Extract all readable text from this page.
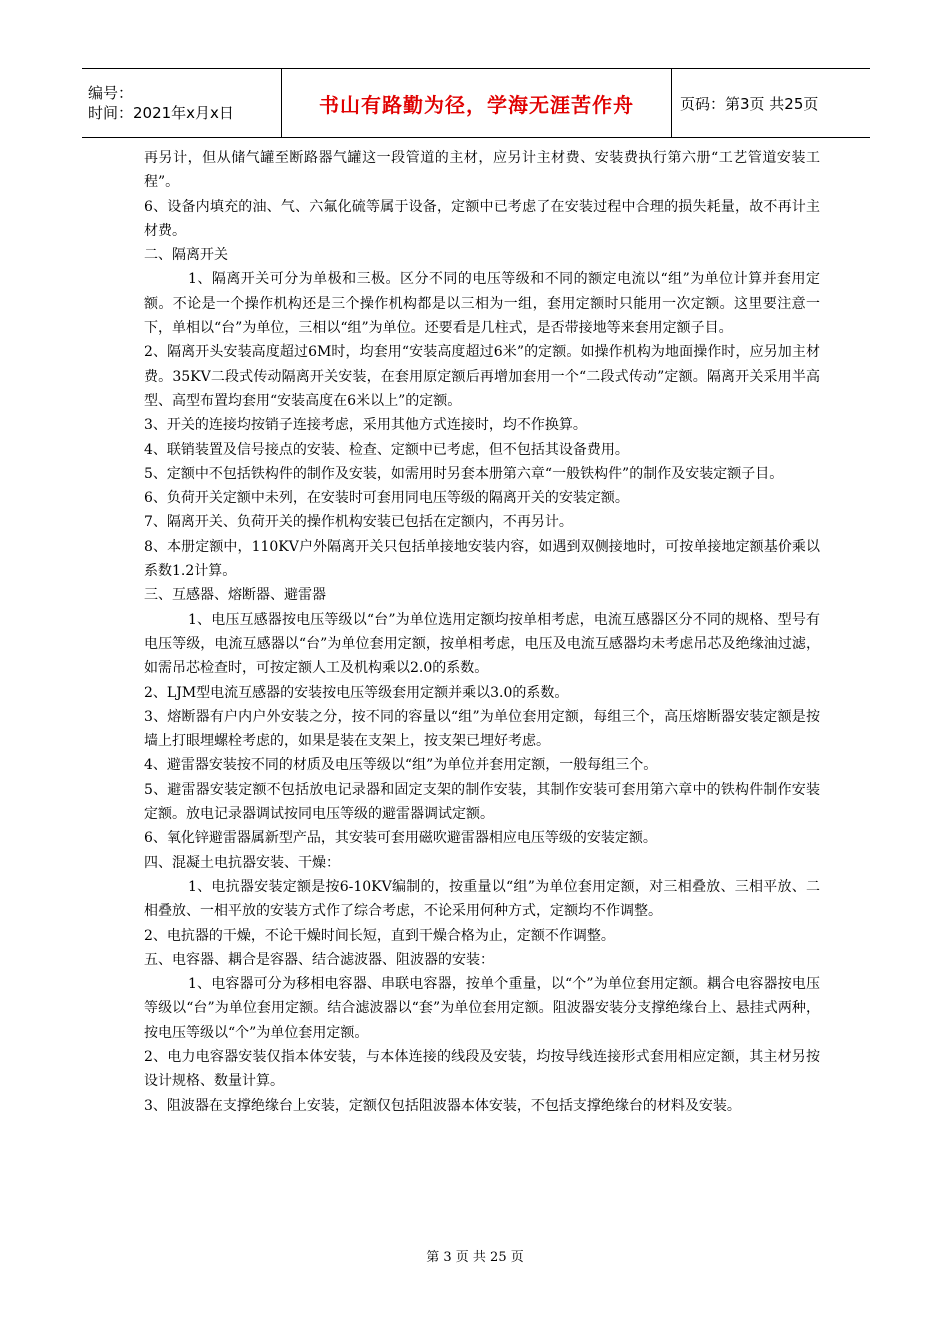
编号：
时间：2021年x月x日	书山有路勤为径，学海无涯苦作舟	页码：第3页 共25页

再另计，但从储气罐至断路器气罐这一段管道的主材，应另计主材费、安装费执行第六册“工艺管道安装工程”。

6、设备内填充的油、气、六氟化硫等属于设备，定额中已考虑了在安装过程中合理的损失耗量，故不再计主材费。

二、隔离开关

1、隔离开关可分为单极和三极。区分不同的电压等级和不同的额定电流以“组”为单位计算并套用定额。不论是一个操作机构还是三个操作机构都是以三相为一组，套用定额时只能用一次定额。这里要注意一下，单相以“台”为单位，三相以“组”为单位。还要看是几柱式，是否带接地等来套用定额子目。

2、隔离开头安装高度超过6M时，均套用“安装高度超过6米”的定额。如操作机构为地面操作时，应另加主材费。35KV二段式传动隔离开关安装，在套用原定额后再增加套用一个“二段式传动”定额。隔离开关采用半高型、高型布置均套用“安装高度在6米以上”的定额。

3、开关的连接均按销子连接考虑，采用其他方式连接时，均不作换算。

4、联销装置及信号接点的安装、检查、定额中已考虑，但不包括其设备费用。

5、定额中不包括铁构件的制作及安装，如需用时另套本册第六章“一般铁构件”的制作及安装定额子目。

6、负荷开关定额中未列，在安装时可套用同电压等级的隔离开关的安装定额。

7、隔离开关、负荷开关的操作机构安装已包括在定额内，不再另计。

8、本册定额中，110KV户外隔离开关只包括单接地安装内容，如遇到双侧接地时，可按单接地定额基价乘以系数1.2计算。

三、互感器、熔断器、避雷器

1、电压互感器按电压等级以“台”为单位选用定额均按单相考虑，电流互感器区分不同的规格、型号有电压等级，电流互感器以“台”为单位套用定额，按单相考虑，电压及电流互感器均未考虑吊芯及绝缘油过滤，如需吊芯检查时，可按定额人工及机构乘以2.0的系数。

2、LJM型电流互感器的安装按电压等级套用定额并乘以3.0的系数。

3、熔断器有户内户外安装之分，按不同的容量以“组”为单位套用定额，每组三个，高压熔断器安装定额是按墙上打眼埋螺栓考虑的，如果是装在支架上，按支架已埋好考虑。

4、避雷器安装按不同的材质及电压等级以“组”为单位并套用定额，一般每组三个。

5、避雷器安装定额不包括放电记录器和固定支架的制作安装，其制作安装可套用第六章中的铁构件制作安装定额。放电记录器调试按同电压等级的避雷器调试定额。

6、氧化锌避雷器属新型产品，其安装可套用磁吹避雷器相应电压等级的安装定额。

四、混凝土电抗器安装、干燥：

1、电抗器安装定额是按6-10KV编制的，按重量以“组”为单位套用定额，对三相叠放、三相平放、二相叠放、一相平放的安装方式作了综合考虑，不论采用何种方式，定额均不作调整。

2、电抗器的干燥，不论干燥时间长短，直到干燥合格为止，定额不作调整。

五、电容器、耦合是容器、结合滤波器、阻波器的安装：

1、电容器可分为移相电容器、串联电容器，按单个重量，以“个”为单位套用定额。耦合电容器按电压等级以“台”为单位套用定额。结合滤波器以“套”为单位套用定额。阻波器安装分支撑绝缘台上、悬挂式两种，按电压等级以“个”为单位套用定额。

2、电力电容器安装仅指本体安装，与本体连接的线段及安装，均按导线连接形式套用相应定额，其主材另按设计规格、数量计算。

3、阻波器在支撑绝缘台上安装，定额仅包括阻波器本体安装，不包括支撑绝缘台的材料及安装。

第 3 页 共 25 页
